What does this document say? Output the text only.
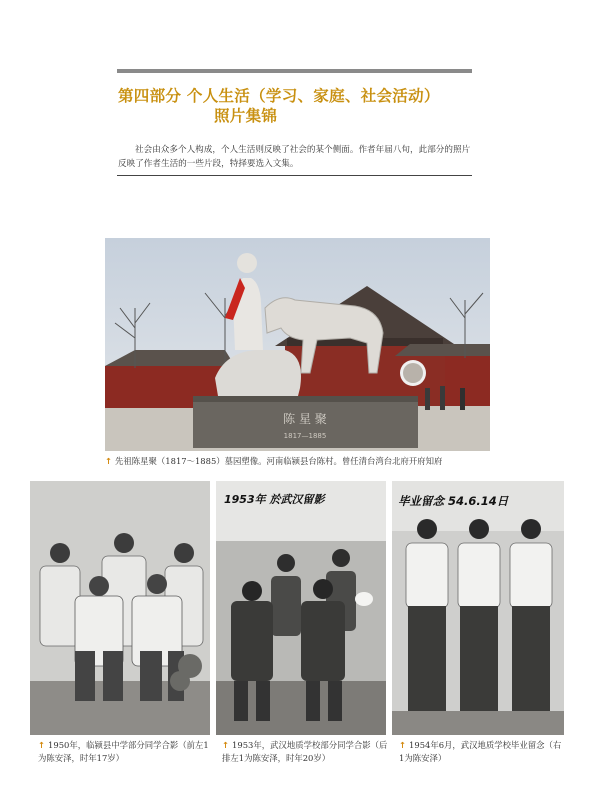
第四部分 个人生活（学习、家庭、社会活动）
照片集锦

社会由众多个人构成，个人生活则反映了社会的某个侧面。作者年届八旬，此部分的照片反映了作者生活的一些片段，特择要选入文集。

陈 星 聚
1817—1885
↑ 先祖陈星聚（1817～1885）墓园塑像。河南临颍县台陈村。曾任清台湾台北府开府知府
↑ 1950年，临颍县中学部分同学合影（前左1为陈安泽，时年17岁）
1953年 於武汉留影
↑ 1953年，武汉地质学校部分同学合影（后排左1为陈安泽，时年20岁）
毕业留念 54.6.14日
↑ 1954年6月，武汉地质学校毕业留念（右1为陈安泽）
